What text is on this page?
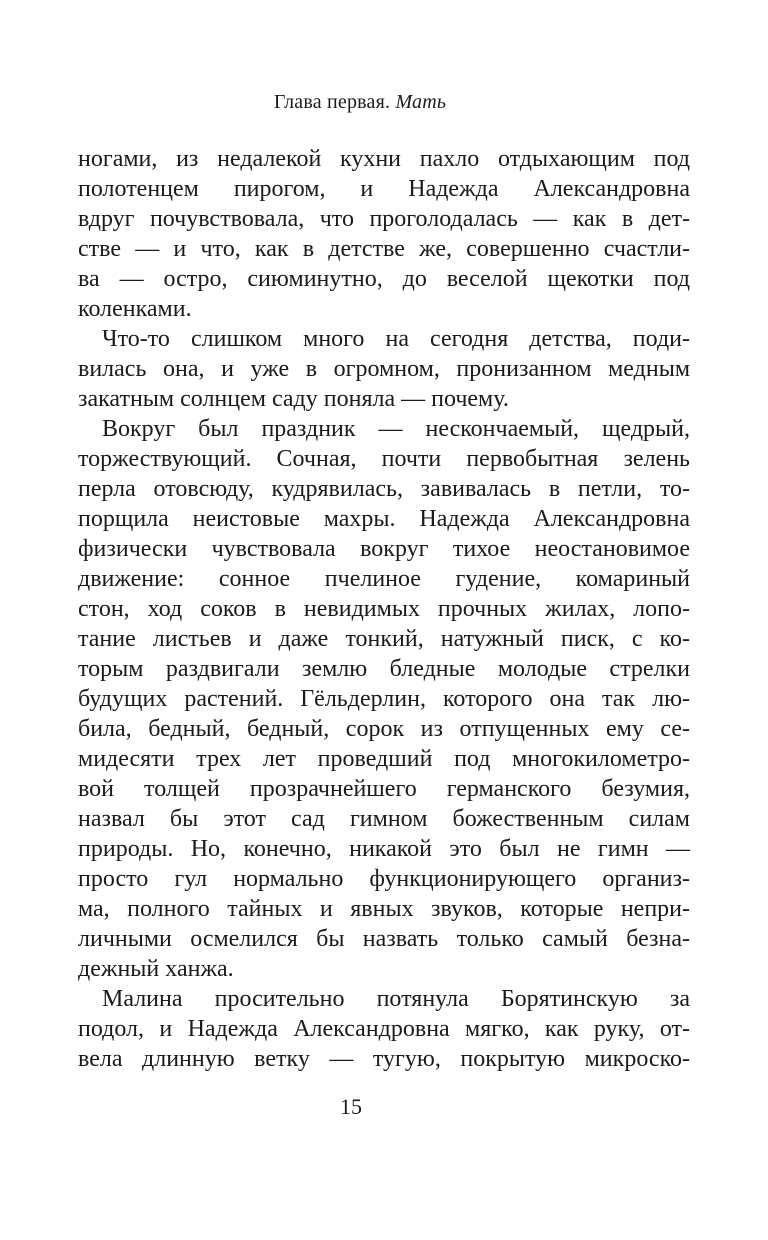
Глава первая. Мать
ногами, из недалекой кухни пахло отдыхающим под
полотенцем пирогом, и Надежда Александровна
вдруг почувствовала, что проголодалась — как в дет-
стве — и что, как в детстве же, совершенно счастли-
ва — остро, сиюминутно, до веселой щекотки под
коленками.
Что-то слишком много на сегодня детства, поди-
вилась она, и уже в огромном, пронизанном медным
закатным солнцем саду поняла — почему.
Вокруг был праздник — нескончаемый, щедрый,
торжествующий. Сочная, почти первобытная зелень
перла отовсюду, кудрявилась, завивалась в петли, то-
порщила неистовые махры. Надежда Александровна
физически чувствовала вокруг тихое неостановимое
движение: сонное пчелиное гудение, комариный
стон, ход соков в невидимых прочных жилах, лопо-
тание листьев и даже тонкий, натужный писк, с ко-
торым раздвигали землю бледные молодые стрелки
будущих растений. Гёльдерлин, которого она так лю-
била, бедный, бедный, сорок из отпущенных ему се-
мидесяти трех лет проведший под многокилометро-
вой толщей прозрачнейшего германского безумия,
назвал бы этот сад гимном божественным силам
природы. Но, конечно, никакой это был не гимн —
просто гул нормально функционирующего организ-
ма, полного тайных и явных звуков, которые непри-
личными осмелился бы назвать только самый безна-
дежный ханжа.
Малина просительно потянула Борятинскую за
подол, и Надежда Александровна мягко, как руку, от-
вела длинную ветку — тугую, покрытую микроско-
15
